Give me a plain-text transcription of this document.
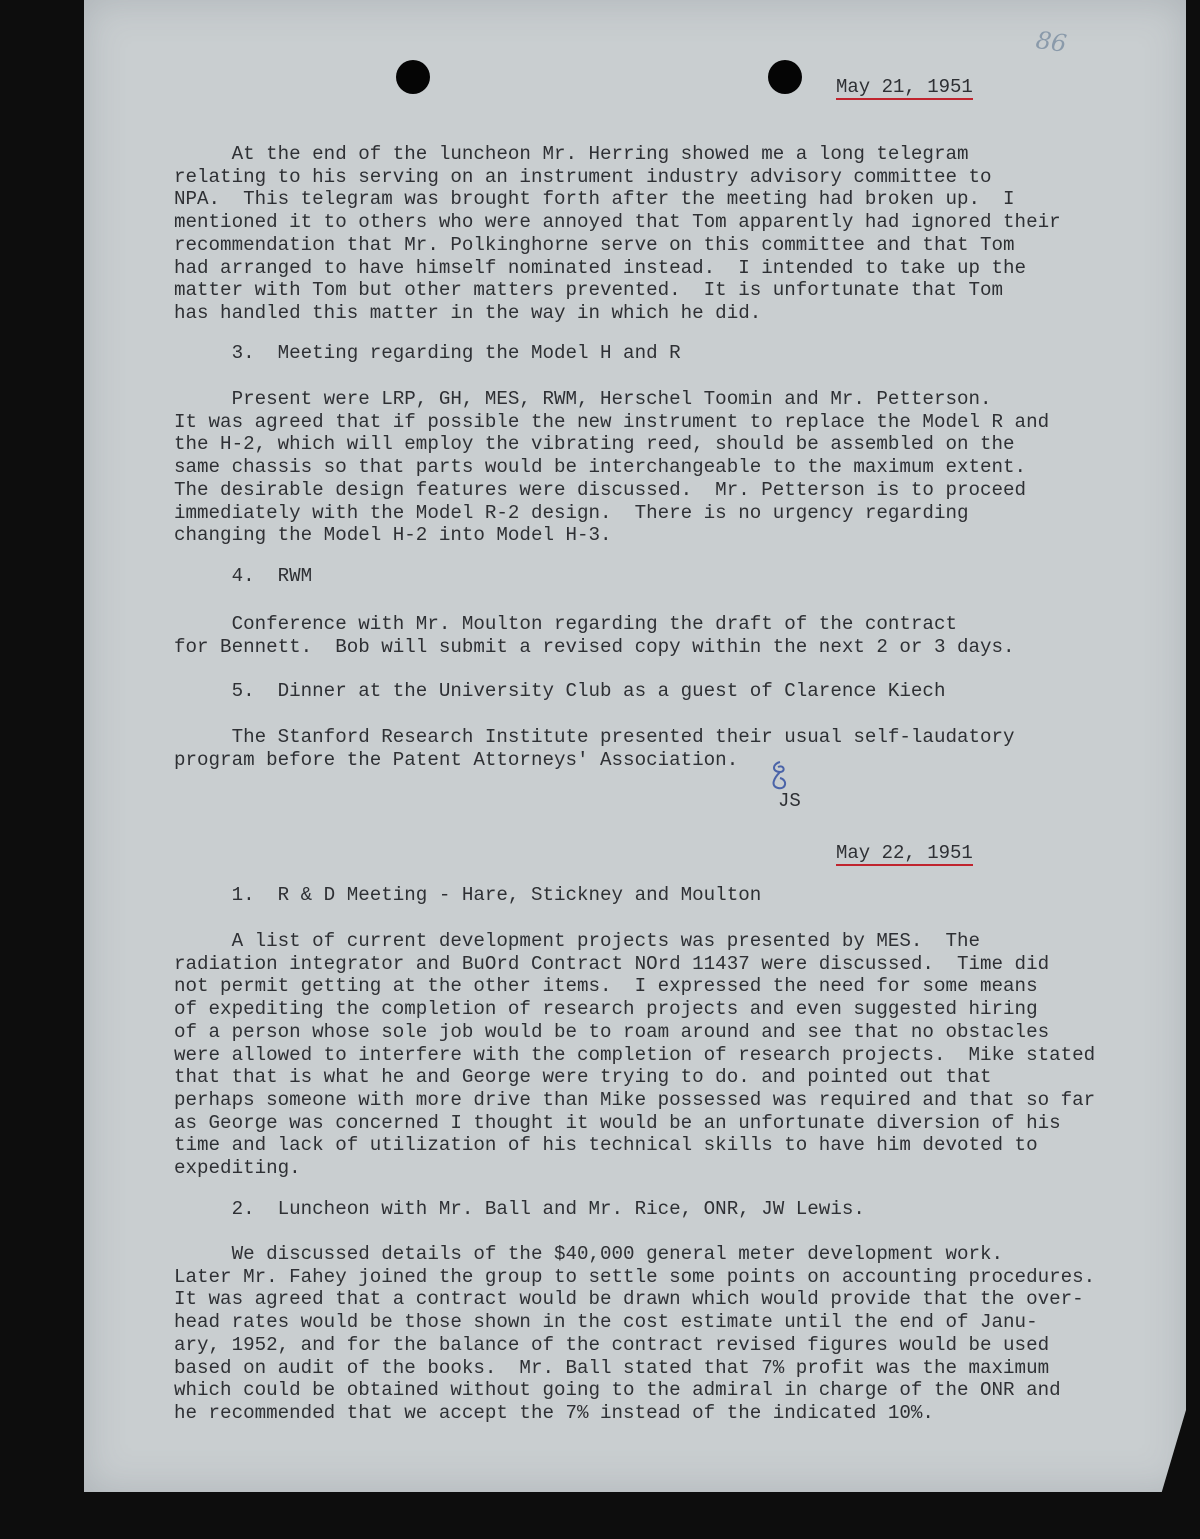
86
May 21, 1951
At the end of the luncheon Mr. Herring showed me a long telegram
relating to his serving on an instrument industry advisory committee to
NPA.  This telegram was brought forth after the meeting had broken up.  I
mentioned it to others who were annoyed that Tom apparently had ignored their
recommendation that Mr. Polkinghorne serve on this committee and that Tom
had arranged to have himself nominated instead.  I intended to take up the
matter with Tom but other matters prevented.  It is unfortunate that Tom
has handled this matter in the way in which he did.
3.  Meeting regarding the Model H and R
Present were LRP, GH, MES, RWM, Herschel Toomin and Mr. Petterson.
It was agreed that if possible the new instrument to replace the Model R and
the H-2, which will employ the vibrating reed, should be assembled on the
same chassis so that parts would be interchangeable to the maximum extent.
The desirable design features were discussed.  Mr. Petterson is to proceed
immediately with the Model R-2 design.  There is no urgency regarding
changing the Model H-2 into Model H-3.
4.  RWM
Conference with Mr. Moulton regarding the draft of the contract
for Bennett.  Bob will submit a revised copy within the next 2 or 3 days.
5.  Dinner at the University Club as a guest of Clarence Kiech
The Stanford Research Institute presented their usual self-laudatory
program before the Patent Attorneys' Association.
JS
May 22, 1951
1.  R & D Meeting - Hare, Stickney and Moulton
A list of current development projects was presented by MES.  The
radiation integrator and BuOrd Contract NOrd 11437 were discussed.  Time did
not permit getting at the other items.  I expressed the need for some means
of expediting the completion of research projects and even suggested hiring
of a person whose sole job would be to roam around and see that no obstacles
were allowed to interfere with the completion of research projects.  Mike stated
that that is what he and George were trying to do. and pointed out that
perhaps someone with more drive than Mike possessed was required and that so far
as George was concerned I thought it would be an unfortunate diversion of his
time and lack of utilization of his technical skills to have him devoted to
expediting.
2.  Luncheon with Mr. Ball and Mr. Rice, ONR, JW Lewis.
We discussed details of the $40,000 general meter development work.
Later Mr. Fahey joined the group to settle some points on accounting procedures.
It was agreed that a contract would be drawn which would provide that the over-
head rates would be those shown in the cost estimate until the end of Janu-
ary, 1952, and for the balance of the contract revised figures would be used
based on audit of the books.  Mr. Ball stated that 7% profit was the maximum
which could be obtained without going to the admiral in charge of the ONR and
he recommended that we accept the 7% instead of the indicated 10%.
